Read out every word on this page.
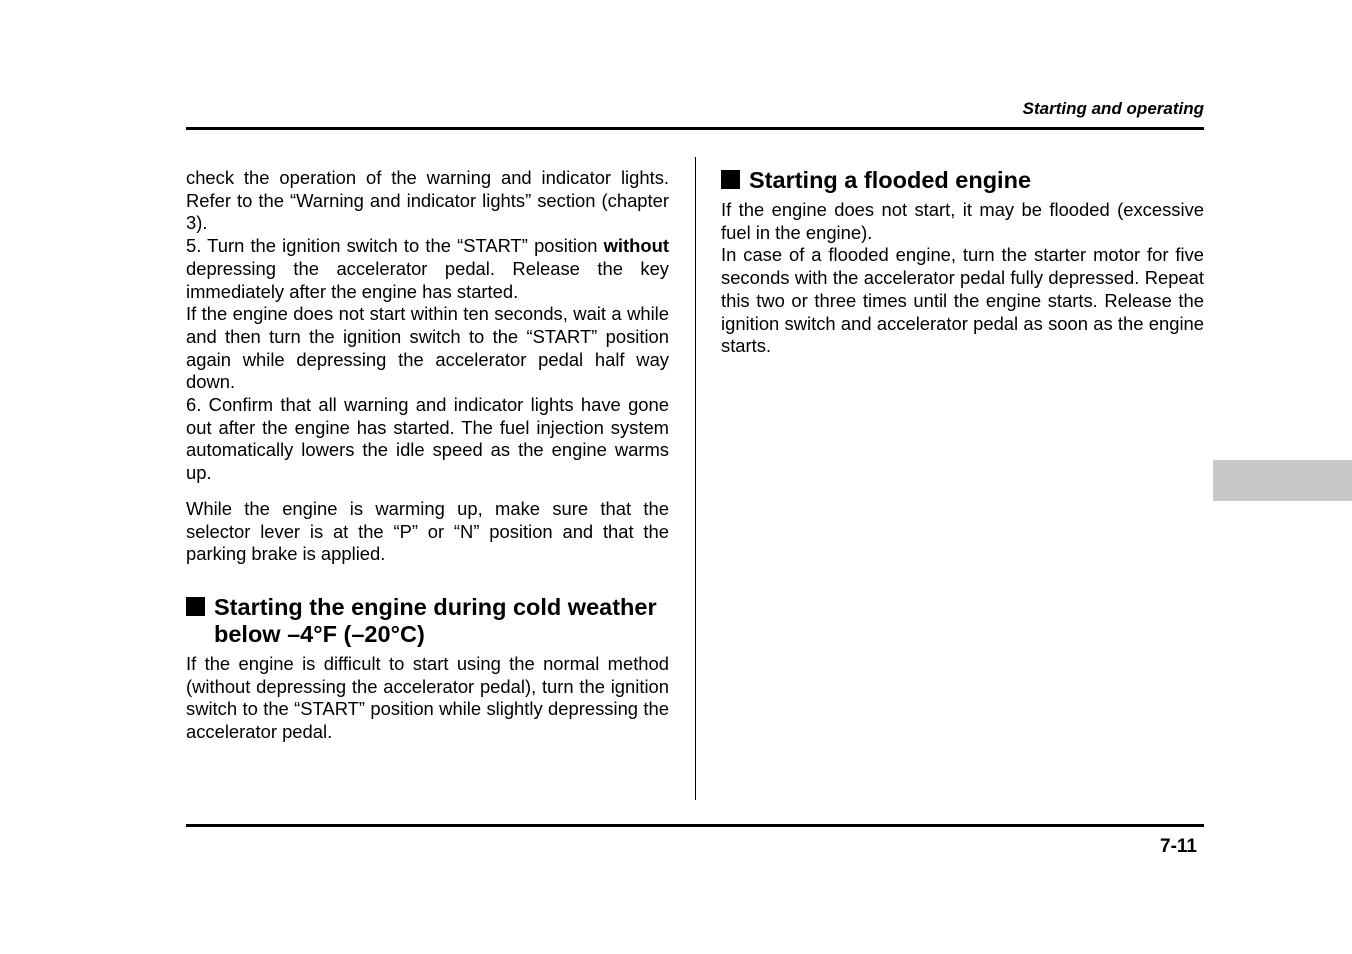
Starting and operating

check the operation of the warning and indicator lights. Refer to the “Warning and indicator lights” section (chapter 3).

5. Turn the ignition switch to the “START” position without depressing the accelerator pedal. Release the key immediately after the engine has started.

If the engine does not start within ten seconds, wait a while and then turn the ignition switch to the “START” position again while depressing the accelerator pedal half way down.

6. Confirm that all warning and indicator lights have gone out after the engine has started. The fuel injection system automatically lowers the idle speed as the engine warms up.

While the engine is warming up, make sure that the selector lever is at the “P” or “N” position and that the parking brake is applied.

Starting the engine during cold weather below –4°F (–20°C)

If the engine is difficult to start using the normal method (without depressing the accelerator pedal), turn the ignition switch to the “START” position while slightly depressing the accelerator pedal.

Starting a flooded engine

If the engine does not start, it may be flooded (excessive fuel in the engine).

In case of a flooded engine, turn the starter motor for five seconds with the accelerator pedal fully depressed. Repeat this two or three times until the engine starts. Release the ignition switch and accelerator pedal as soon as the engine starts.

7-11
